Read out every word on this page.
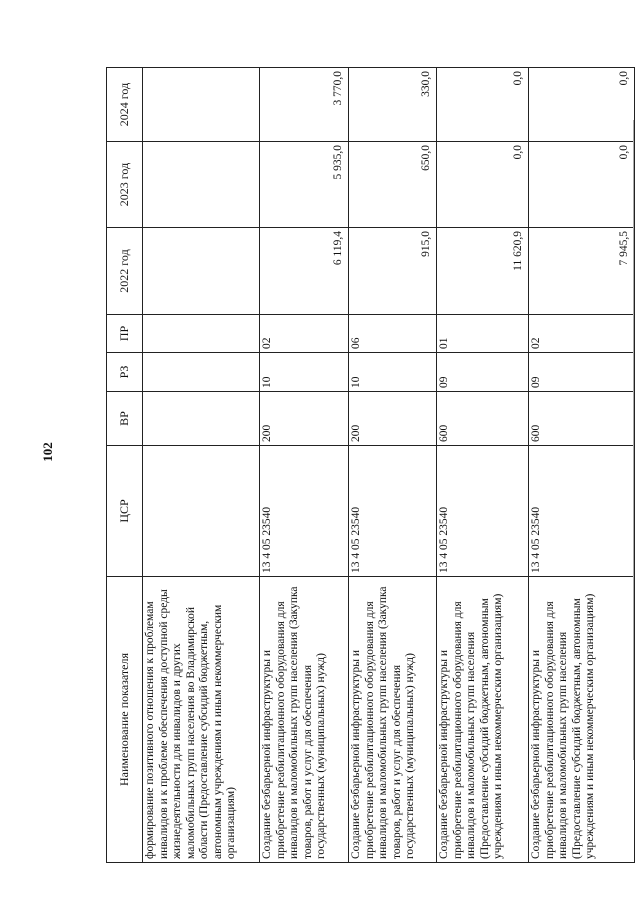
102
Наименование показателя	ЦСР	ВР	РЗ	ПР	2022 год	2023 год	2024 год
формирование позитивного отношения к проблемам инвалидов и к проблеме обеспечения доступной среды жизнедеятельности для инвалидов и других маломобильных групп населения во Владимирской области (Предоставление субсидий бюджетным, автономным учреждениям и иным некоммерческим организациям)							
Создание безбарьерной инфраструктуры и приобретение реабилитационного оборудования для инвалидов и маломобильных групп населения (Закупка товаров, работ и услуг для обеспечения государственных (муниципальных) нужд)	13 4 05 23540	200	10	02	6 119,4	5 935,0	3 770,0
Создание безбарьерной инфраструктуры и приобретение реабилитационного оборудования для инвалидов и маломобильных групп населения (Закупка товаров, работ и услуг для обеспечения государственных (муниципальных) нужд)	13 4 05 23540	200	10	06	915,0	650,0	330,0
Создание безбарьерной инфраструктуры и приобретение реабилитационного оборудования для инвалидов и маломобильных групп населения (Предоставление субсидий бюджетным, автономным учреждениям и иным некоммерческим организациям)	13 4 05 23540	600	09	01	11 620,9	0,0	0,0
Создание безбарьерной инфраструктуры и приобретение реабилитационного оборудования для инвалидов и маломобильных групп населения (Предоставление субсидий бюджетным, автономным учреждениям и иным некоммерческим организациям)	13 4 05 23540	600	09	02	7 945,5	0,0	0,0
